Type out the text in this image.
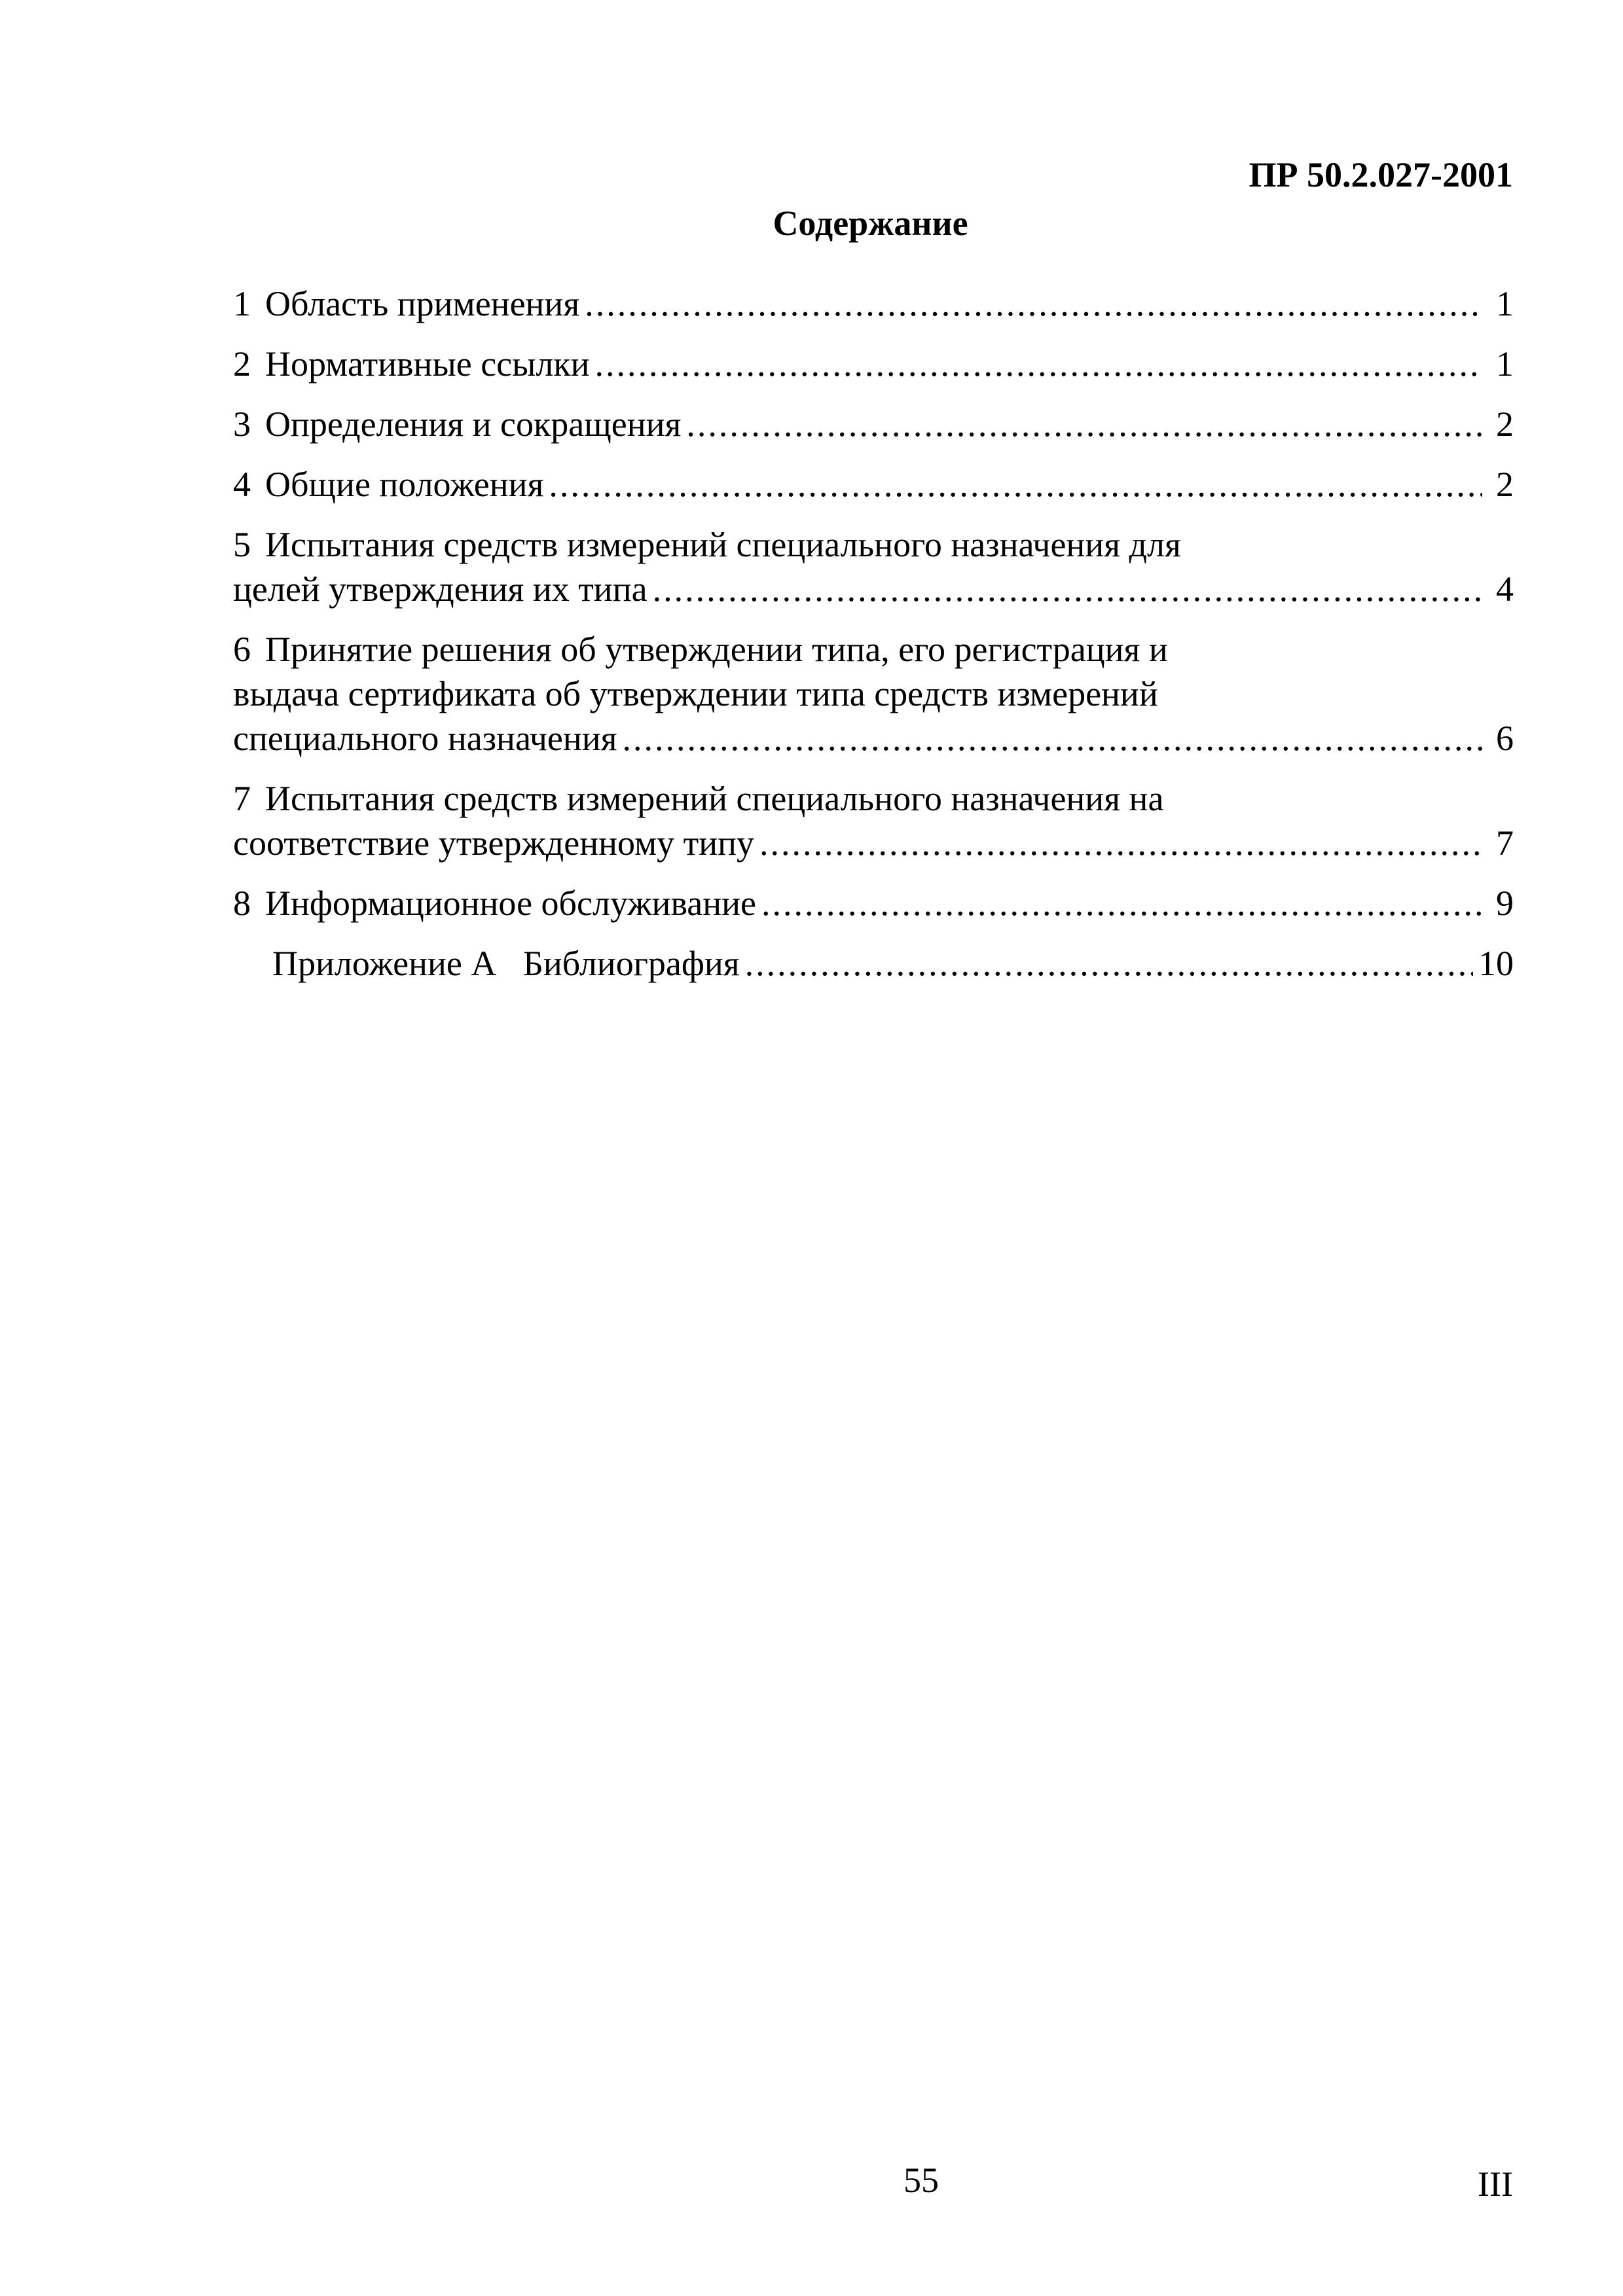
ПР 50.2.027-2001
Содержание
1 Область применения .....	1
2 Нормативные ссылки .....	1
3 Определения и сокращения .....	2
4 Общие положения .....	2
5 Испытания средств измерений специального назначения для
целей утверждения их типа .....	4
6 Принятие решения об утверждении типа, его регистрация и
выдача сертификата об утверждении типа средств измерений
специального назначения .....	6
7 Испытания средств измерений специального назначения на
соответствие утвержденному типу .....	7
8 Информационное обслуживание .....	9
Приложение А   Библиография .....	10
55	III
